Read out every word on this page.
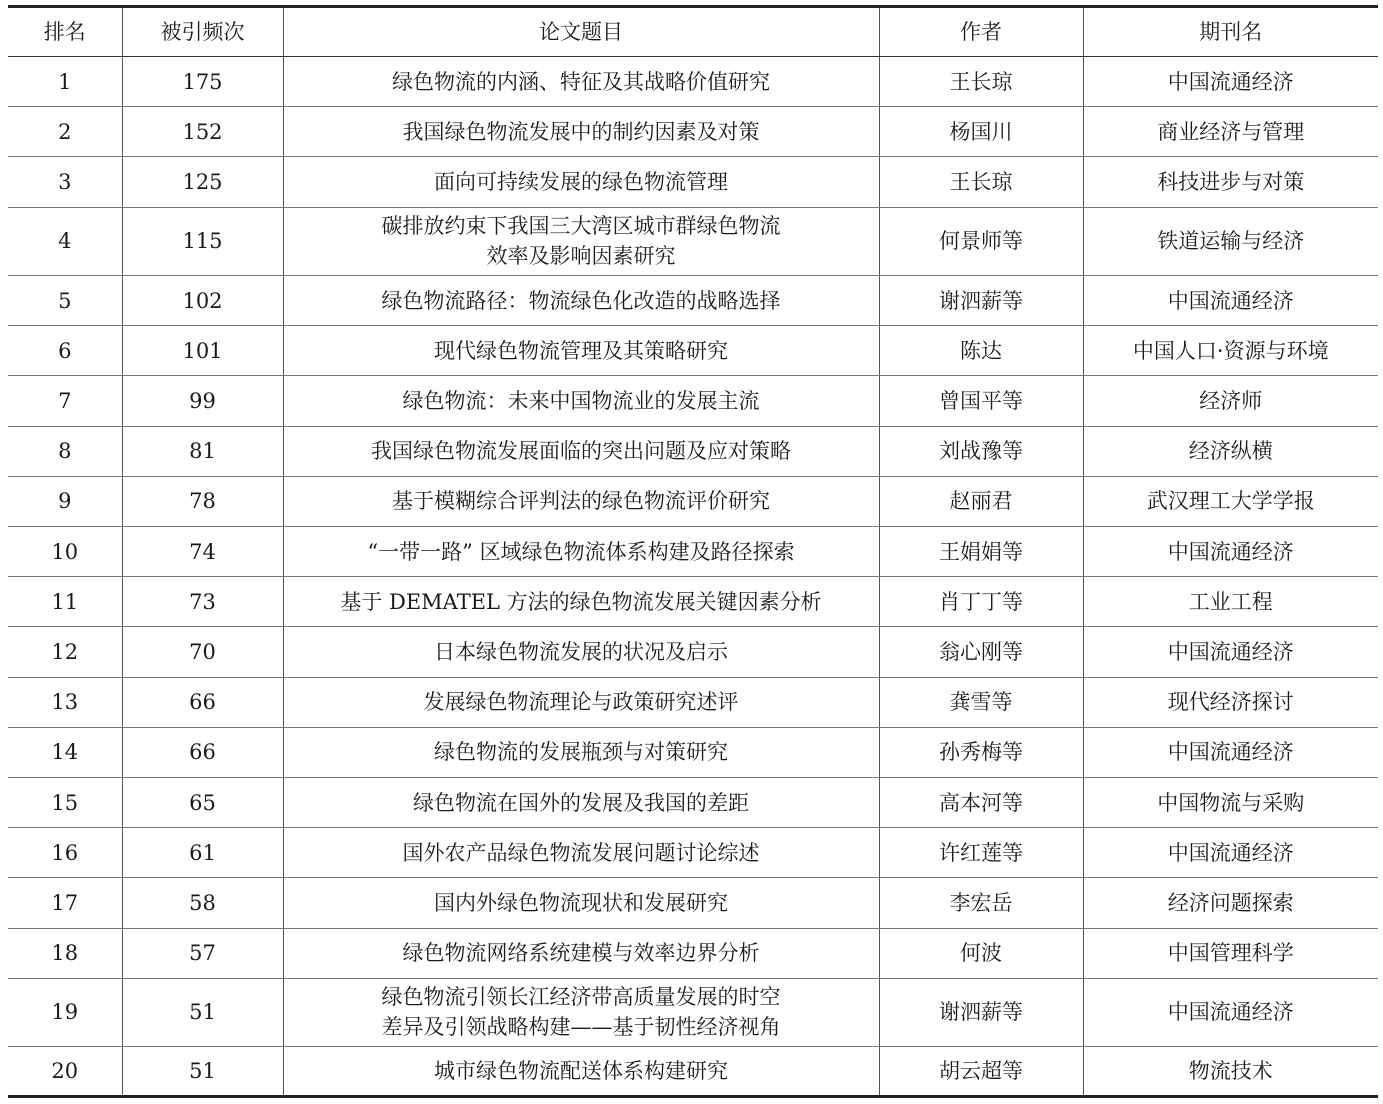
排名	被引频次	论文题目	作者	期刊名
1	175	绿色物流的内涵、特征及其战略价值研究	王长琼	中国流通经济
2	152	我国绿色物流发展中的制约因素及对策	杨国川	商业经济与管理
3	125	面向可持续发展的绿色物流管理	王长琼	科技进步与对策
4	115	碳排放约束下我国三大湾区城市群绿色物流
效率及影响因素研究	何景师等	铁道运输与经济
5	102	绿色物流路径：物流绿色化改造的战略选择	谢泗薪等	中国流通经济
6	101	现代绿色物流管理及其策略研究	陈达	中国人口·资源与环境
7	99	绿色物流：未来中国物流业的发展主流	曾国平等	经济师
8	81	我国绿色物流发展面临的突出问题及应对策略	刘战豫等	经济纵横
9	78	基于模糊综合评判法的绿色物流评价研究	赵丽君	武汉理工大学学报
10	74	“一带一路” 区域绿色物流体系构建及路径探索	王娟娟等	中国流通经济
11	73	基于 DEMATEL 方法的绿色物流发展关键因素分析	肖丁丁等	工业工程
12	70	日本绿色物流发展的状况及启示	翁心刚等	中国流通经济
13	66	发展绿色物流理论与政策研究述评	龚雪等	现代经济探讨
14	66	绿色物流的发展瓶颈与对策研究	孙秀梅等	中国流通经济
15	65	绿色物流在国外的发展及我国的差距	高本河等	中国物流与采购
16	61	国外农产品绿色物流发展问题讨论综述	许红莲等	中国流通经济
17	58	国内外绿色物流现状和发展研究	李宏岳	经济问题探索
18	57	绿色物流网络系统建模与效率边界分析	何波	中国管理科学
19	51	绿色物流引领长江经济带高质量发展的时空
差异及引领战略构建——基于韧性经济视角	谢泗薪等	中国流通经济
20	51	城市绿色物流配送体系构建研究	胡云超等	物流技术
